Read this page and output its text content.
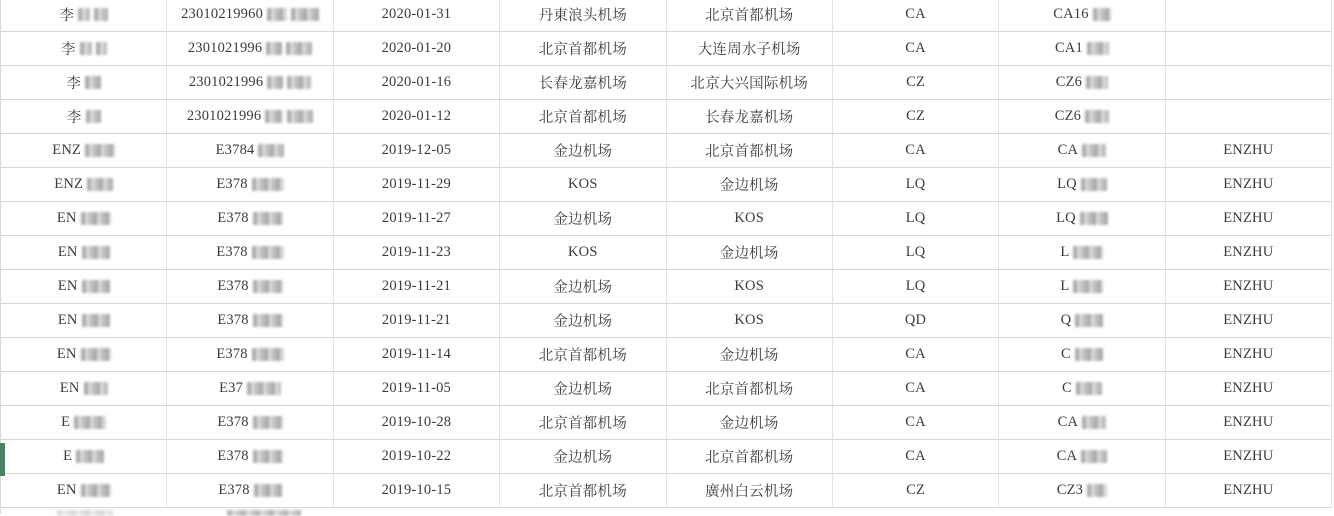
李	23010219960	2020-01-31	丹東浪头机场	北京首都机场	CA	CA16
李	2301021996	2020-01-20	北京首都机场	大连周水子机场	CA	CA1
李	2301021996	2020-01-16	长春龙嘉机场	北京大兴国际机场	CZ	CZ6
李	2301021996	2020-01-12	北京首都机场	长春龙嘉机场	CZ	CZ6
ENZ	E3784	2019-12-05	金边机场	北京首都机场	CA	CA	ENZHU
ENZ	E378	2019-11-29	KOS	金边机场	LQ	LQ	ENZHU
EN	E378	2019-11-27	金边机场	KOS	LQ	LQ	ENZHU
EN	E378	2019-11-23	KOS	金边机场	LQ	L	ENZHU
EN	E378	2019-11-21	金边机场	KOS	LQ	L	ENZHU
EN	E378	2019-11-21	金边机场	KOS	QD	Q	ENZHU
EN	E378	2019-11-14	北京首都机场	金边机场	CA	C	ENZHU
EN	E37	2019-11-05	金边机场	北京首都机场	CA	C	ENZHU
E	E378	2019-10-28	北京首都机场	金边机场	CA	CA	ENZHU
E	E378	2019-10-22	金边机场	北京首都机场	CA	CA	ENZHU
EN	E378	2019-10-15	北京首都机场	廣州白云机场	CZ	CZ3	ENZHU
